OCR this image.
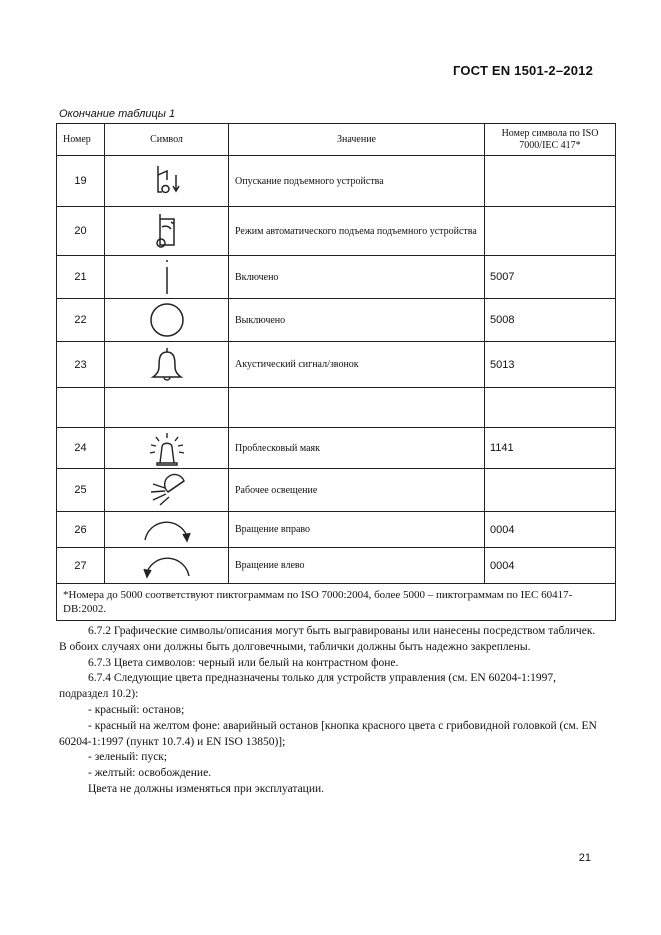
ГОСТ EN 1501-2–2012
Окончание таблицы 1
Номер	Символ	Значение	Номер символа по ISO 7000/IEC 417*
19		Опускание подъемного устройства	
20		Режим автоматического подъема подъемного устройства	
21		Включено	5007
22		Выключено	5008
23		Акустический сигнал/звонок	5013

24		Проблесковый маяк	1141
25		Рабочее освещение	
26		Вращение вправо	0004
27		Вращение влево	0004
*Номера до 5000 соответствуют пиктограммам по ISO 7000:2004, более 5000 – пиктограммам по IEC 60417-DB:2002.			

6.7.2 Графические символы/описания могут быть выгравированы или нанесены посредством табличек. В обоих случаях они должны быть долговечными, таблички должны быть надежно закреплены.

6.7.3 Цвета символов: черный или белый на контрастном фоне.

6.7.4 Следующие цвета предназначены только для устройств управления (см. EN 60204-1:1997, подраздел 10.2):

- красный: останов;

- красный на желтом фоне: аварийный останов [кнопка красного цвета с грибовидной головкой (см. EN 60204-1:1997 (пункт 10.7.4) и EN ISO 13850)];

- зеленый: пуск;

- желтый: освобождение.

Цвета не должны изменяться при эксплуатации.

21
